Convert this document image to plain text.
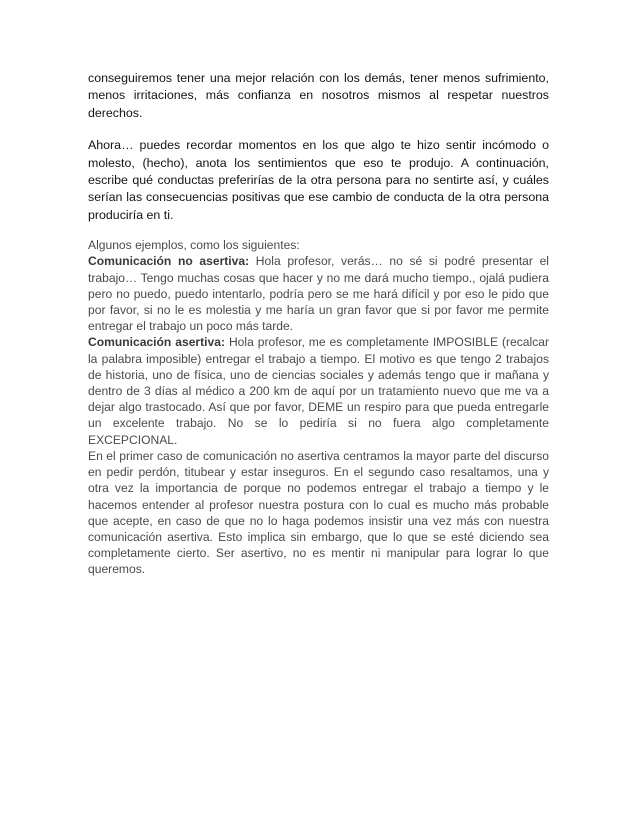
conseguiremos tener una mejor relación con los demás, tener menos sufrimiento, menos irritaciones, más confianza en nosotros mismos al respetar nuestros derechos.

Ahora… puedes recordar momentos en los que algo te hizo sentir incómodo o molesto, (hecho), anota los sentimientos que eso te produjo. A continuación, escribe qué conductas preferirías de la otra persona para no sentirte así, y cuáles serían las consecuencias positivas que ese cambio de conducta de la otra persona produciría en ti.

Algunos ejemplos, como los siguientes:

Comunicación no asertiva: Hola profesor, verás… no sé si podré presentar el trabajo… Tengo muchas cosas que hacer y no me dará mucho tiempo., ojalá pudiera pero no puedo, puedo intentarlo, podría pero se me hará difícil y por eso le pido que por favor, si no le es molestia y me haría un gran favor que si por favor me permite entregar el trabajo un poco más tarde.

Comunicación asertiva: Hola profesor, me es completamente IMPOSIBLE (recalcar la palabra imposible) entregar el trabajo a tiempo. El motivo es que tengo 2 trabajos de historia, uno de física, uno de ciencias sociales y además tengo que ir mañana y dentro de 3 días al médico a 200 km de aquí por un tratamiento nuevo que me va a dejar algo trastocado. Así que por favor, DEME un respiro para que pueda entregarle un excelente trabajo. No se lo pediría si no fuera algo completamente EXCEPCIONAL.

En el primer caso de comunicación no asertiva centramos la mayor parte del discurso en pedir perdón, titubear y estar inseguros. En el segundo caso resaltamos, una y otra vez la importancia de porque no podemos entregar el trabajo a tiempo y le hacemos entender al profesor nuestra postura con lo cual es mucho más probable que acepte, en caso de que no lo haga podemos insistir una vez más con nuestra comunicación asertiva. Esto implica sin embargo, que lo que se esté diciendo sea completamente cierto. Ser asertivo, no es mentir ni manipular para lograr lo que queremos.
